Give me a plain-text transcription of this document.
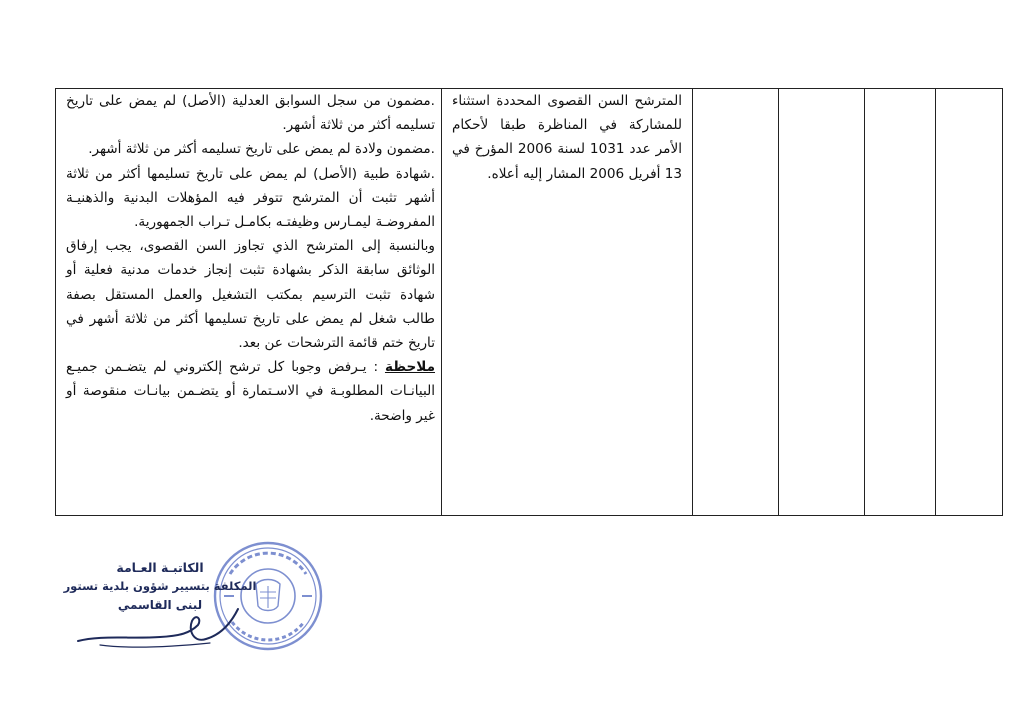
.مضمون من سجل السوابق العدلية (الأصل) لم يمض على تاريخ تسليمه أكثر من ثلاثة أشهر.
.مضمون ولادة لم يمض على تاريخ تسليمه أكثر من ثلاثة أشهر.
.شهادة طبية (الأصل) لم يمض على تاريخ تسليمها أكثر من ثلاثة أشهر تثبت أن المترشح تتوفر فيه المؤهلات البدنية والذهنيـة المفروضـة ليمـارس وظيفتـه بكامـل تـراب الجمهورية.
وبالنسبة إلى المترشح الذي تجاوز السن القصوى، يجب إرفاق الوثائق سابقة الذكر بشهادة تثبت إنجاز خدمات مدنية فعلية أو شهادة تثبت الترسيم بمكتب التشغيل والعمل المستقل بصفة طالب شغل لم يمض على تاريخ تسليمها أكثر من ثلاثة أشهر في تاريخ ختم قائمة الترشحات عن بعد.
ملاحظة : يـرفض وجوبا كل ترشح إلكتروني لم يتضـمن جميـع البيانـات المطلوبـة في الاسـتمارة أو يتضـمن بيانـات منقوصة أو غير واضحة.

المترشح السن القصوى المحددة استثناء للمشاركة في المناظرة طبقا لأحكام الأمر عدد 1031 لسنة 2006 المؤرخ في 13 أفريل 2006 المشار إليه أعلاه.

الكاتبـة العـامة
المكلفة بتسيير شؤون بلدية تستور
لبنى القاسمي
